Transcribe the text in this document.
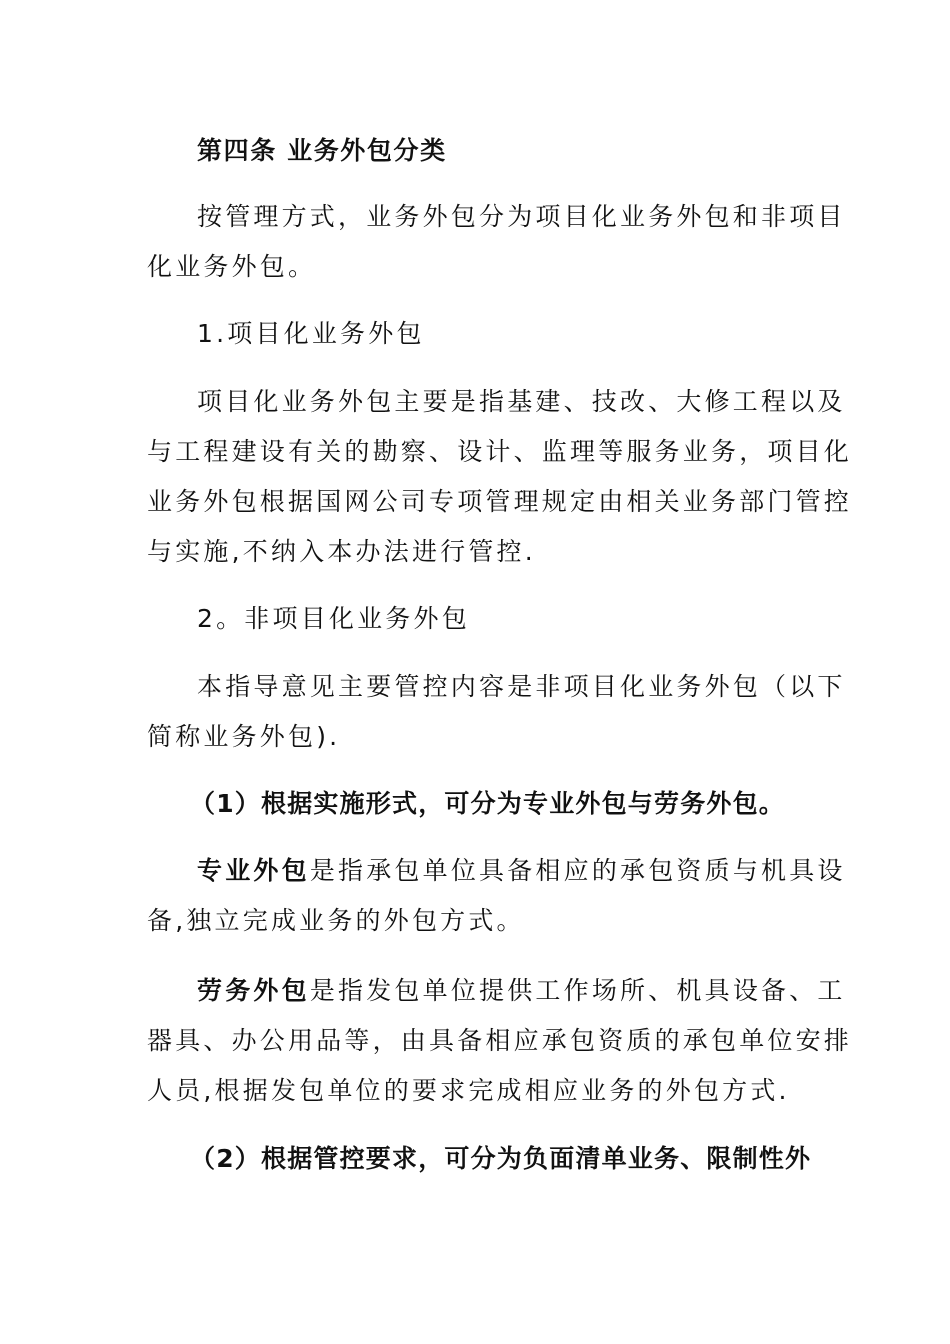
第四条 业务外包分类
按管理方式，业务外包分为项目化业务外包和非项目
化业务外包。
1.项目化业务外包
项目化业务外包主要是指基建、技改、大修工程以及
与工程建设有关的勘察、设计、监理等服务业务，项目化
业务外包根据国网公司专项管理规定由相关业务部门管控
与实施,不纳入本办法进行管控.
2。非项目化业务外包
本指导意见主要管控内容是非项目化业务外包（以下
简称业务外包).
（1）根据实施形式，可分为专业外包与劳务外包。
专业外包是指承包单位具备相应的承包资质与机具设
备,独立完成业务的外包方式。
劳务外包是指发包单位提供工作场所、机具设备、工
器具、办公用品等，由具备相应承包资质的承包单位安排
人员,根据发包单位的要求完成相应业务的外包方式.
（2）根据管控要求，可分为负面清单业务、限制性外
